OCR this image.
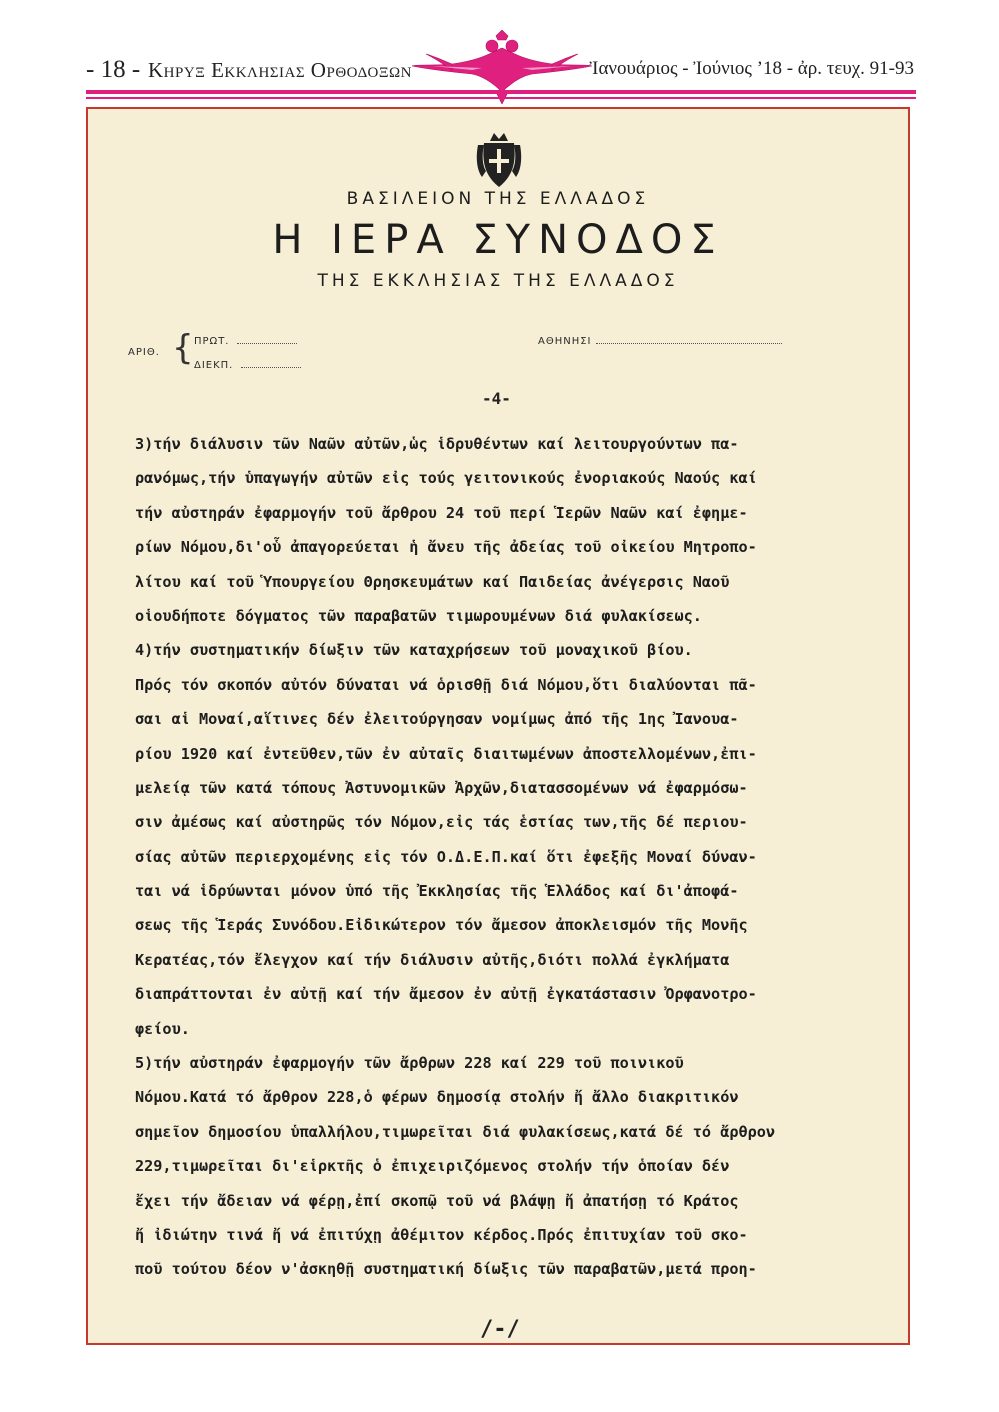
- 18 - Κηρυξ Εκκλησιας Ορθοδοξων	Ἰανουάριος - Ἰούνιος ’18 - ἀρ. τευχ. 91-93
ΒΑΣΙΛΕΙΟΝ ΤΗΣ ΕΛΛΑΔΟΣ
Η ΙΕΡΑ ΣΥΝΟΔΟΣ
ΤΗΣ ΕΚΚΛΗΣΙΑΣ ΤΗΣ ΕΛΛΑΔΟΣ
ΑΡΙΘ. { ΠΡΩΤ.
ΔΙΕΚΠ.
ΑΘΗΝΗΣΙ
-4-
3)τήν διάλυσιν τῶν Ναῶν αὐτῶν,ὡς ἱδρυθέντων καί λειτουργούντων πα-
ρανόμως,τήν ὑπαγωγήν αὐτῶν εἰς τούς γειτονικούς ἐνοριακούς Ναούς καί
τήν αὐστηράν ἐφαρμογήν τοῦ ἄρθρου 24 τοῦ περί Ἱερῶν Ναῶν καί ἐφημε-
ρίων Νόμου,δι'οὗ ἀπαγορεύεται ἡ ἄνευ τῆς ἀδείας τοῦ οἰκείου Μητροπο-
λίτου καί τοῦ Ὑπουργείου Θρησκευμάτων καί Παιδείας ἀνέγερσις Ναοῦ
οἱουδήποτε δόγματος τῶν παραβατῶν τιμωρουμένων διά φυλακίσεως.
4)τήν συστηματικήν δίωξιν τῶν καταχρήσεων τοῦ μοναχικοῦ βίου.
Πρός τόν σκοπόν αὐτόν δύναται νά ὁρισθῇ διά Νόμου,ὅτι διαλύονται πᾶ-
σαι αἱ Μοναί,αἵτινες δέν ἐλειτούργησαν νομίμως ἀπό τῆς 1ης Ἰανουα-
ρίου 1920 καί ἐντεῦθεν,τῶν ἐν αὐταῖς διαιτωμένων ἀποστελλομένων,ἐπι-
μελείᾳ τῶν κατά τόπους Ἀστυνομικῶν Ἀρχῶν,διατασσομένων νά ἐφαρμόσω-
σιν ἀμέσως καί αὐστηρῶς τόν Νόμον,εἰς τάς ἑστίας των,τῆς δέ περιου-
σίας αὐτῶν περιερχομένης εἰς τόν Ο.Δ.Ε.Π.καί ὅτι ἐφεξῆς Μοναί δύναν-
ται νά ἱδρύωνται μόνον ὑπό τῆς Ἐκκλησίας τῆς Ἑλλάδος καί δι'ἀποφά-
σεως τῆς Ἱεράς Συνόδου.Εἰδικώτερον τόν ἄμεσον ἀποκλεισμόν τῆς Μονῆς
Κερατέας,τόν ἔλεγχον καί τήν διάλυσιν αὐτῆς,διότι πολλά ἐγκλήματα
διαπράττονται ἐν αὐτῇ καί τήν ἄμεσον ἐν αὐτῇ ἐγκατάστασιν Ὀρφανοτρο-
φείου.
5)τήν αὐστηράν ἐφαρμογήν τῶν ἄρθρων 228 καί 229 τοῦ ποινικοῦ
Νόμου.Κατά τό ἄρθρον 228,ὁ φέρων δημοσίᾳ στολήν ἤ ἄλλο διακριτικόν
σημεῖον δημοσίου ὑπαλλήλου,τιμωρεῖται διά φυλακίσεως,κατά δέ τό ἄρθρον
229,τιμωρεῖται δι'εἱρκτῆς ὁ ἐπιχειριζόμενος στολήν τήν ὁποίαν δέν
ἔχει τήν ἄδειαν νά φέρῃ,ἐπί σκοπῷ τοῦ νά βλάψῃ ἤ ἀπατήσῃ τό Κράτος
ἤ ἰδιώτην τινά ἤ νά ἐπιτύχῃ ἀθέμιτον κέρδος.Πρός ἐπιτυχίαν τοῦ σκο-
ποῦ τούτου δέον ν'ἀσκηθῇ συστηματική δίωξις τῶν παραβατῶν,μετά προη-
/-/
